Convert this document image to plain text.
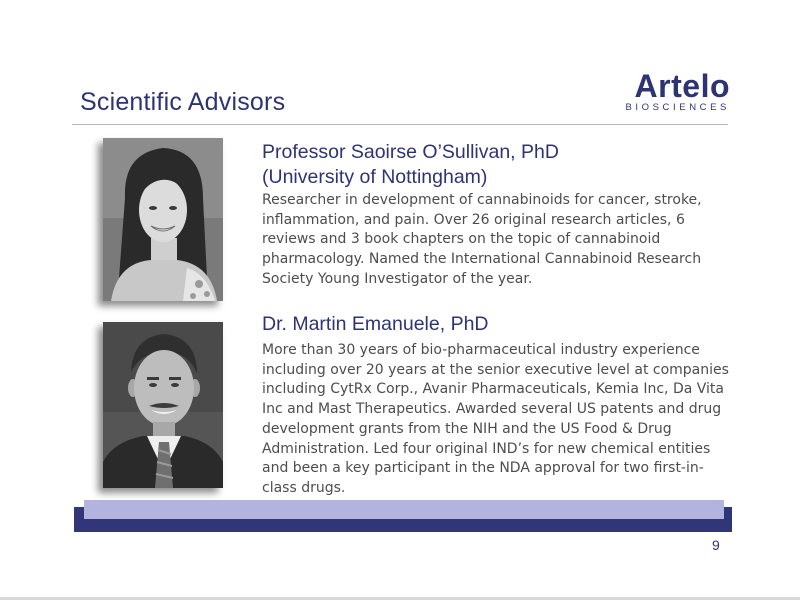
Scientific Advisors	Artelo
BIOSCIENCES
Professor Saoirse O’Sullivan, PhD
(University of Nottingham)
Researcher in development of cannabinoids for cancer, stroke, inflammation, and pain. Over 26 original research articles, 6 reviews and 3 book chapters on the topic of cannabinoid pharmacology. Named the International Cannabinoid Research Society Young Investigator of the year.
Dr. Martin Emanuele, PhD
More than 30 years of bio-pharmaceutical industry experience including over 20 years at the senior executive level at companies including CytRx Corp., Avanir Pharmaceuticals, Kemia Inc, Da Vita Inc and Mast Therapeutics. Awarded several US patents and drug development grants from the NIH and the US Food & Drug Administration. Led four original IND’s for new chemical entities and been a key participant in the NDA approval for two first-in-class drugs.
9
